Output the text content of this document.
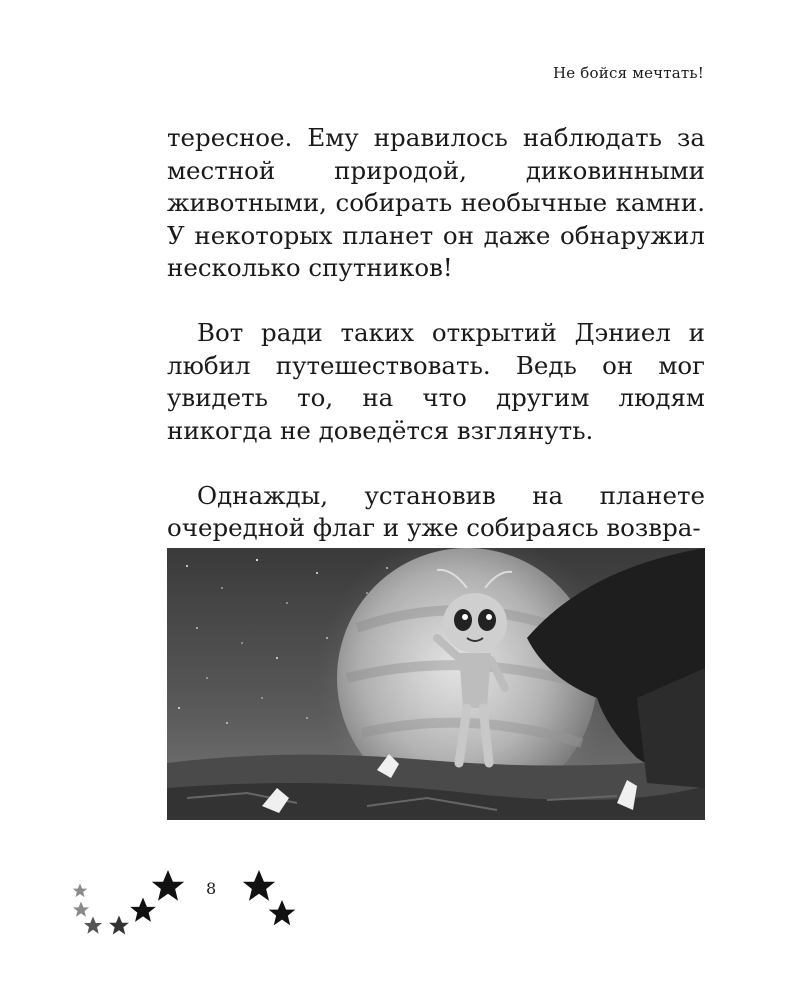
Не бойся мечтать!

тересное. Ему нравилось наблюдать за местной природой, диковинными животными, собирать необычные камни. У некоторых планет он даже обнаружил несколько спутников!

Вот ради таких открытий Дэниел и любил путешествовать. Ведь он мог увидеть то, на что другим людям никогда не доведётся взглянуть.

Однажды, установив на планете очередной флаг и уже собираясь возвра-

8
